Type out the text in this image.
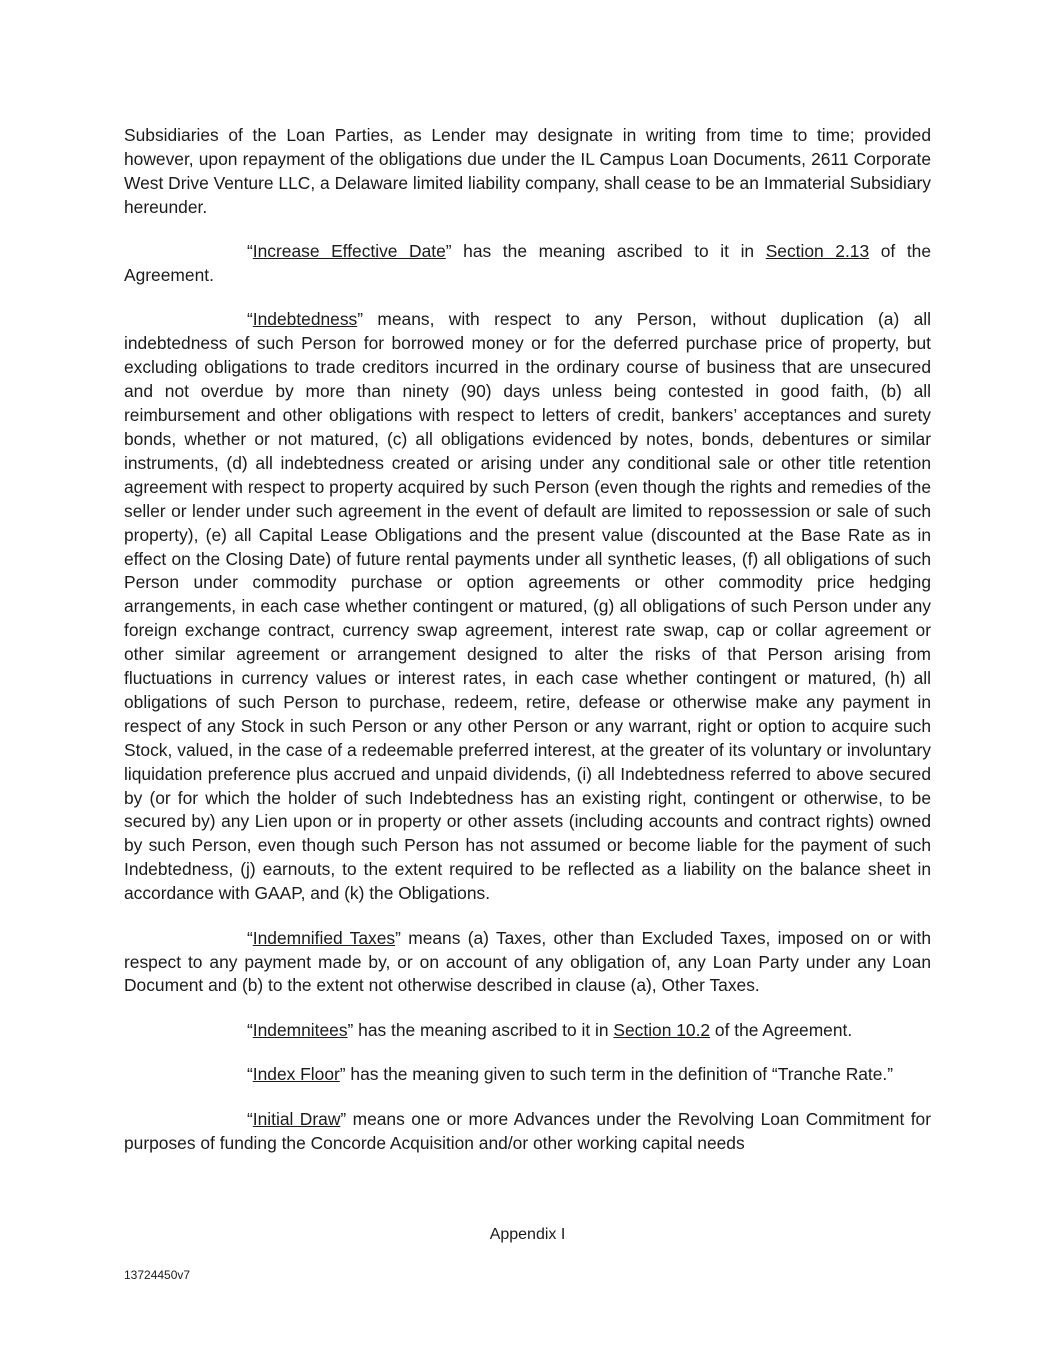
Subsidiaries of the Loan Parties, as Lender may designate in writing from time to time; provided however, upon repayment of the obligations due under the IL Campus Loan Documents, 2611 Corporate West Drive Venture LLC, a Delaware limited liability company, shall cease to be an Immaterial Subsidiary hereunder.

“Increase Effective Date” has the meaning ascribed to it in Section 2.13 of the Agreement.

“Indebtedness” means, with respect to any Person, without duplication (a) all indebtedness of such Person for borrowed money or for the deferred purchase price of property, but excluding obligations to trade creditors incurred in the ordinary course of business that are unsecured and not overdue by more than ninety (90) days unless being contested in good faith, (b) all reimbursement and other obligations with respect to letters of credit, bankers’ acceptances and surety bonds, whether or not matured, (c) all obligations evidenced by notes, bonds, debentures or similar instruments, (d) all indebtedness created or arising under any conditional sale or other title retention agreement with respect to property acquired by such Person (even though the rights and remedies of the seller or lender under such agreement in the event of default are limited to repossession or sale of such property), (e) all Capital Lease Obligations and the present value (discounted at the Base Rate as in effect on the Closing Date) of future rental payments under all synthetic leases, (f) all obligations of such Person under commodity purchase or option agreements or other commodity price hedging arrangements, in each case whether contingent or matured, (g) all obligations of such Person under any foreign exchange contract, currency swap agreement, interest rate swap, cap or collar agreement or other similar agreement or arrangement designed to alter the risks of that Person arising from fluctuations in currency values or interest rates, in each case whether contingent or matured, (h) all obligations of such Person to purchase, redeem, retire, defease or otherwise make any payment in respect of any Stock in such Person or any other Person or any warrant, right or option to acquire such Stock, valued, in the case of a redeemable preferred interest, at the greater of its voluntary or involuntary liquidation preference plus accrued and unpaid dividends, (i) all Indebtedness referred to above secured by (or for which the holder of such Indebtedness has an existing right, contingent or otherwise, to be secured by) any Lien upon or in property or other assets (including accounts and contract rights) owned by such Person, even though such Person has not assumed or become liable for the payment of such Indebtedness, (j) earnouts, to the extent required to be reflected as a liability on the balance sheet in accordance with GAAP, and (k) the Obligations.

“Indemnified Taxes” means (a) Taxes, other than Excluded Taxes, imposed on or with respect to any payment made by, or on account of any obligation of, any Loan Party under any Loan Document and (b) to the extent not otherwise described in clause (a), Other Taxes.

“Indemnitees” has the meaning ascribed to it in Section 10.2 of the Agreement.

“Index Floor” has the meaning given to such term in the definition of “Tranche Rate.”

“Initial Draw” means one or more Advances under the Revolving Loan Commitment for purposes of funding the Concorde Acquisition and/or other working capital needs

Appendix I
13724450v7
